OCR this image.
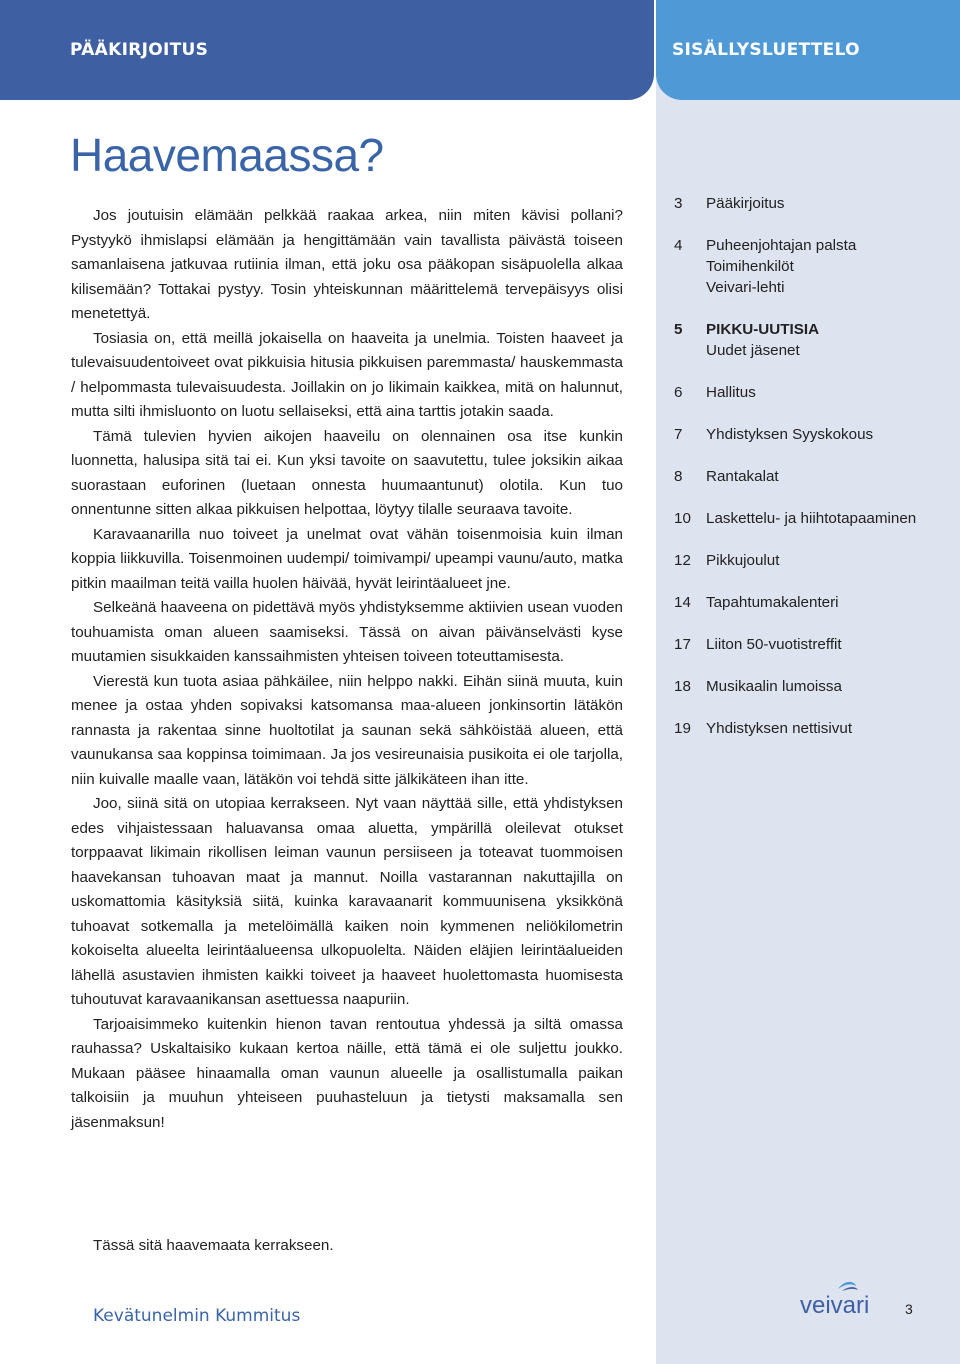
PÄÄKIRJOITUS	SISÄLLYSLUETTELO
Haavemaassa?

Jos joutuisin elämään pelkkää raakaa arkea, niin miten kävisi pollani? Pystyykö ihmislapsi elämään ja hengittämään vain tavallista päivästä toiseen samanlaisena jatkuvaa rutiinia ilman, että joku osa pääkopan sisäpuolella alkaa kilisemään? Tottakai pystyy. Tosin yhteiskunnan määrittelemä tervepäisyys olisi menetettyä.

Tosiasia on, että meillä jokaisella on haaveita ja unelmia. Toisten haaveet ja tulevaisuudentoiveet ovat pikkuisia hitusia pikkuisen paremmasta/ hauskemmasta / helpommasta tulevaisuudesta. Joillakin on jo likimain kaikkea, mitä on halunnut, mutta silti ihmisluonto on luotu sellaiseksi, että aina tarttis jotakin saada.

Tämä tulevien hyvien aikojen haaveilu on olennainen osa itse kunkin luonnetta, halusipa sitä tai ei. Kun yksi tavoite on saavutettu, tulee joksikin aikaa suorastaan euforinen (luetaan onnesta huumaantunut) olotila. Kun tuo onnentunne sitten alkaa pikkuisen helpottaa, löytyy tilalle seuraava tavoite.

Karavaanarilla nuo toiveet ja unelmat ovat vähän toisenmoisia kuin ilman koppia liikkuvilla. Toisenmoinen uudempi/ toimivampi/ upeampi vaunu/auto, matka pitkin maailman teitä vailla huolen häivää, hyvät leirintäalueet jne.

Selkeänä haaveena on pidettävä myös yhdistyksemme aktiivien usean vuoden touhuamista oman alueen saamiseksi. Tässä on aivan päivänselvästi kyse muutamien sisukkaiden kanssaihmisten yhteisen toiveen toteuttamisesta.

Vierestä kun tuota asiaa pähkäilee, niin helppo nakki. Eihän siinä muuta, kuin menee ja ostaa yhden sopivaksi katsomansa maa-alueen jonkinsortin lätäkön rannasta ja rakentaa sinne huoltotilat ja saunan sekä sähköistää alueen, että vaunukansa saa koppinsa toimimaan. Ja jos vesireunaisia pusikoita ei ole tarjolla, niin kuivalle maalle vaan, lätäkön voi tehdä sitte jälkikäteen ihan itte.

Joo, siinä sitä on utopiaa kerrakseen. Nyt vaan näyttää sille, että yhdistyksen edes vihjaistessaan haluavansa omaa aluetta, ympärillä oleilevat otukset torppaavat likimain rikollisen leiman vaunun persiiseen ja toteavat tuommoisen haavekansan tuhoavan maat ja mannut. Noilla vastarannan nakuttajilla on uskomattomia käsityksiä siitä, kuinka karavaanarit kommuunisena yksikkönä tuhoavat sotkemalla ja metelöimällä kaiken noin kymmenen neliökilometrin kokoiselta alueelta leirintäalueensa ulkopuolelta. Näiden eläjien leirintäalueiden lähellä asustavien ihmisten kaikki toiveet ja haaveet huolettomasta huomisesta tuhoutuvat karavaanikansan asettuessa naapuriin.

Tarjoaisimmeko kuitenkin hienon tavan rentoutua yhdessä ja siltä omassa rauhassa? Uskaltaisiko kukaan kertoa näille, että tämä ei ole suljettu joukko. Mukaan pääsee hinaamalla oman vaunun alueelle ja osallistumalla paikan talkoisiin ja muuhun yhteiseen puuhasteluun ja tietysti maksamalla sen jäsenmaksun!

Tässä sitä haavemaata kerrakseen.
3 Pääkirjoitus
4 Puheenjohtajan palsta
Toimihenkilöt
Veivari-lehti
5 PIKKU-UUTISIA
Uudet jäsenet
6 Hallitus
7 Yhdistyksen Syyskokous
8 Rantakalat
10 Laskettelu- ja hiihtotapaaminen
12 Pikkujoulut
14 Tapahtumakalenteri
17 Liiton 50-vuotistreffit
18 Musikaalin lumoissa
19 Yhdistyksen nettisivut
Kevätunelmin Kummitus	veivari	3
